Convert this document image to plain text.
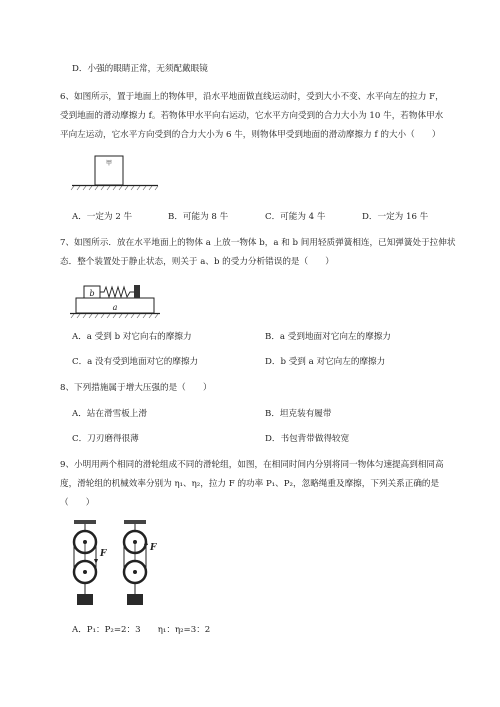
D．小强的眼睛正常，无须配戴眼镜
6、如图所示，置于地面上的物体甲，沿水平地面做直线运动时，受到大小不变、水平向左的拉力 F，
受到地面的滑动摩擦力 f。若物体甲水平向右运动，它水平方向受到的合力大小为 10 牛，若物体甲水
平向左运动，它水平方向受到的合力大小为 6 牛，则物体甲受到地面的滑动摩擦力 f 的大小（　　）
甲
A．一定为 2 牛	B．可能为 8 牛	C．可能为 4 牛	D．一定为 16 牛
7、如图所示．放在水平地面上的物体 a 上放一物体 b，a 和 b 间用轻质弹簧相连，已知弹簧处于拉伸状
态．整个装置处于静止状态，则关于 a、b 的受力分析错误的是（　　）
b
a
A．a 受到 b 对它向右的摩擦力	B．a 受到地面对它向左的摩擦力
C．a 没有受到地面对它的摩擦力	D．b 受到 a 对它向左的摩擦力
8、下列措施属于增大压强的是（　　）
A．站在滑雪板上滑	B．坦克装有履带
C．刀刃磨得很薄	D．书包背带做得较宽
9、小明用两个相同的滑轮组成不同的滑轮组，如图，在相同时间内分别将同一物体匀速提高到相同高
度，滑轮组的机械效率分别为 η₁、η₂，拉力 F 的功率 P₁、P₂，忽略绳重及摩擦，下列关系正确的是
（　　）
F
F
A．P₁：P₂=2：3　　η₁：η₂=3：2
